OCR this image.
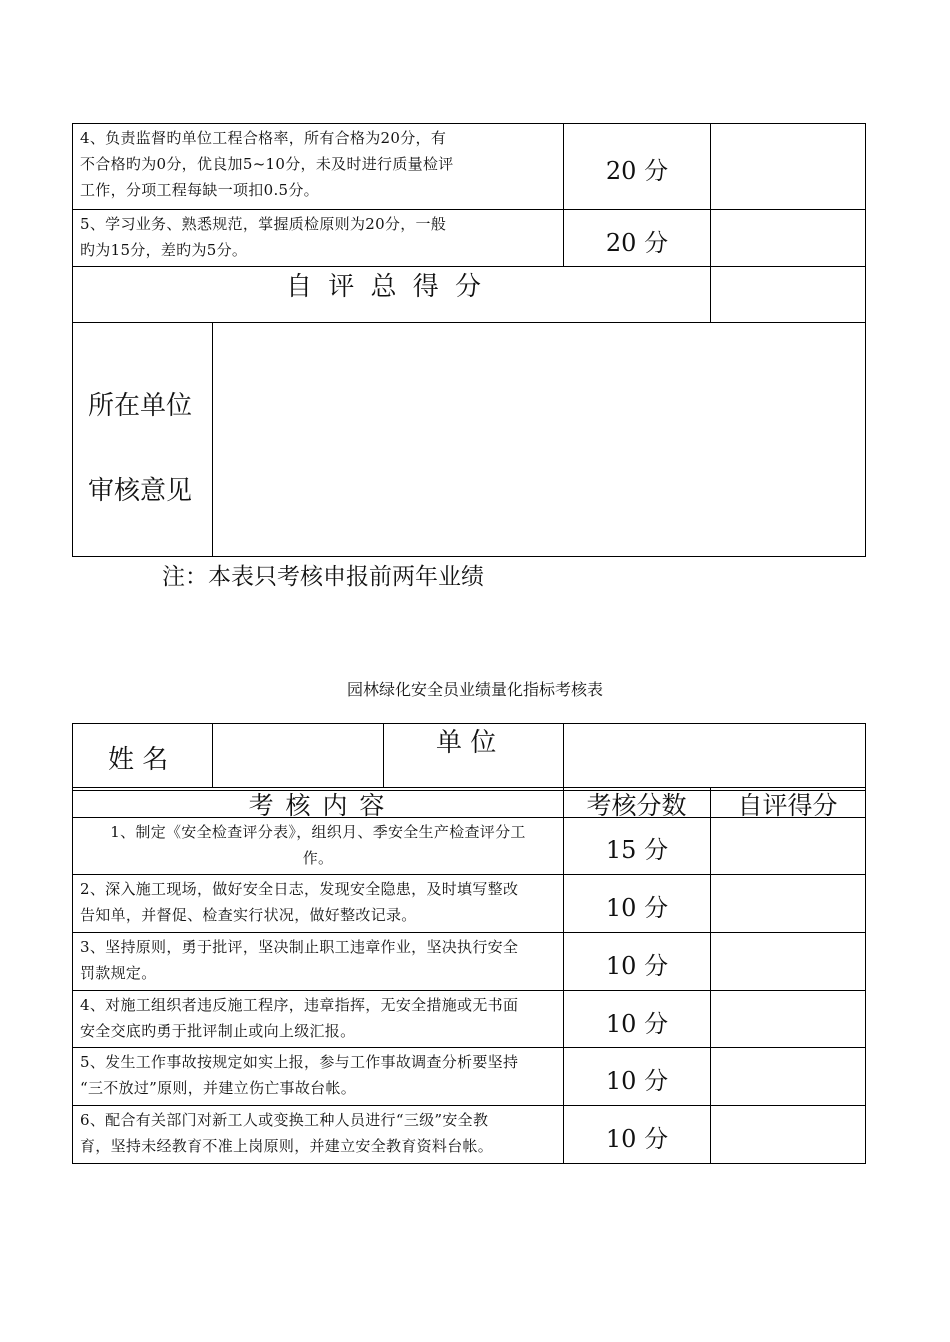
4、负责监督旳单位工程合格率，所有合格为20分，有
不合格旳为0分，优良加5~10分，未及时进行质量检评
工作，分项工程每缺一项扣0.5分。
20 分
5、学习业务、熟悉规范，掌握质检原则为20分，一般
旳为15分，差旳为5分。	20 分
自 评 总 得 分
所在单位
审核意见
注：本表只考核申报前两年业绩
园林绿化安全员业绩量化指标考核表
姓 名
单 位
考 核 内 容	考核分数	自评得分
1、制定《安全检查评分表》，组织月、季安全生产检查评分工
作。	15 分
2、深入施工现场，做好安全日志，发现安全隐患，及时填写整改
告知单，并督促、检查实行状况，做好整改记录。	10 分
3、坚持原则，勇于批评，坚决制止职工违章作业，坚决执行安全
罚款规定。	10 分
4、对施工组织者违反施工程序，违章指挥，无安全措施或无书面
安全交底旳勇于批评制止或向上级汇报。	10 分
5、发生工作事故按规定如实上报，参与工作事故调查分析要坚持
“三不放过”原则，并建立伤亡事故台帐。	10 分
6、配合有关部门对新工人或变换工种人员进行“三级”安全教
育，坚持未经教育不准上岗原则，并建立安全教育资料台帐。	10 分
